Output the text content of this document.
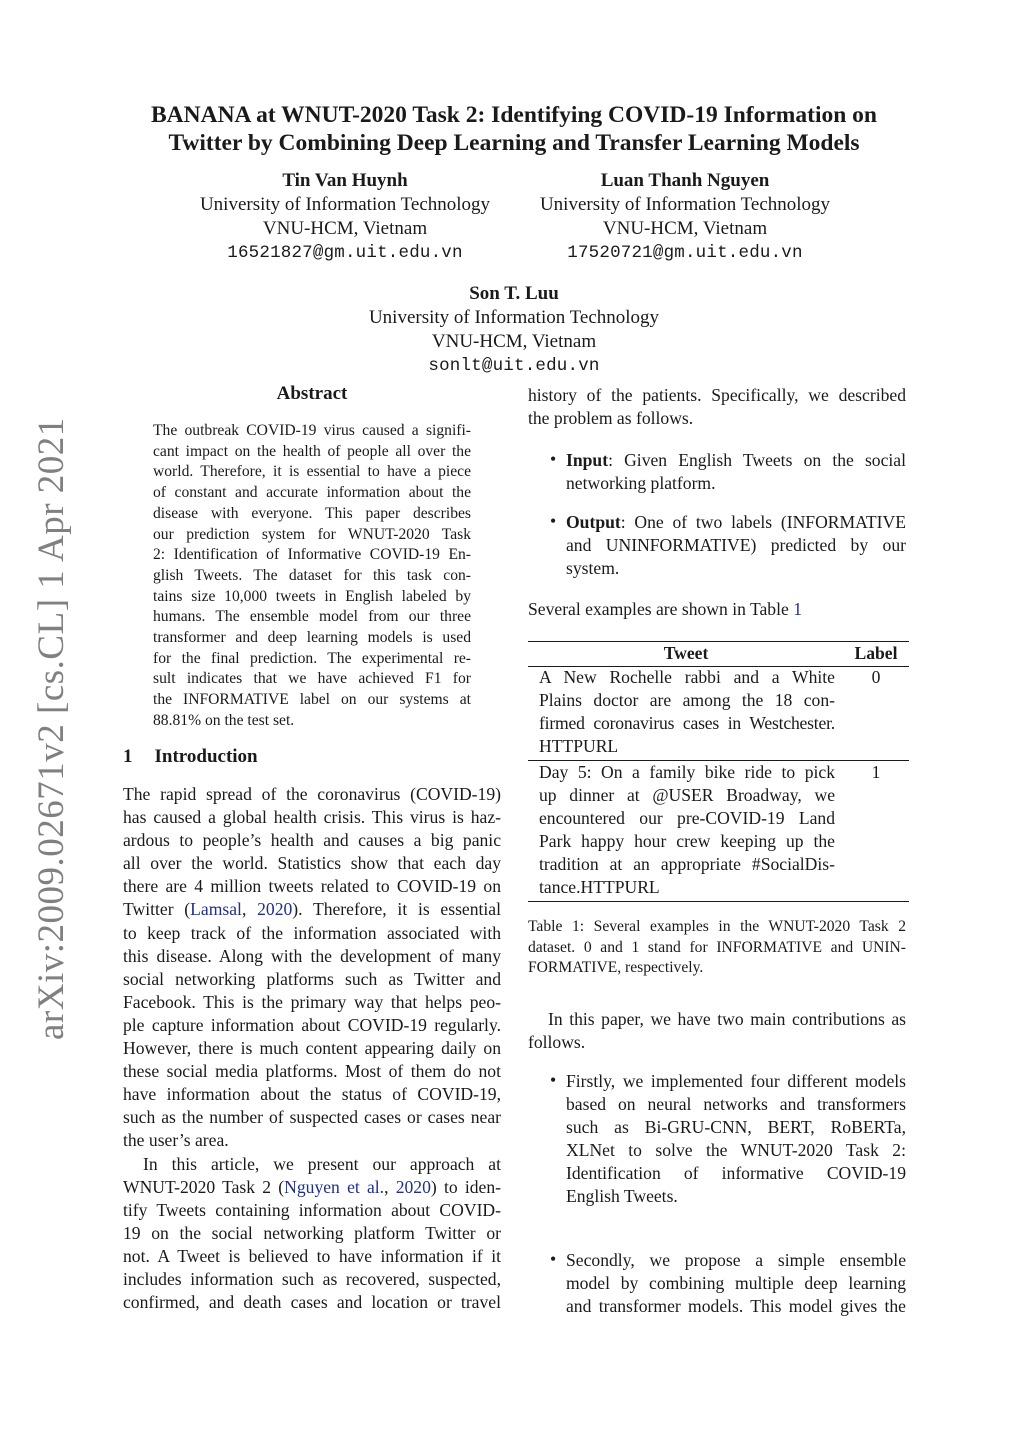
arXiv:2009.02671v2 [cs.CL] 1 Apr 2021
BANANA at WNUT-2020 Task 2: Identifying COVID-19 Information on
Twitter by Combining Deep Learning and Transfer Learning Models
Tin Van Huynh
University of Information Technology
VNU-HCM, Vietnam
16521827@gm.uit.edu.vn
Luan Thanh Nguyen
University of Information Technology
VNU-HCM, Vietnam
17520721@gm.uit.edu.vn
Son T. Luu
University of Information Technology
VNU-HCM, Vietnam
sonlt@uit.edu.vn
Abstract
The outbreak COVID-19 virus caused a signifi-
cant impact on the health of people all over the
world. Therefore, it is essential to have a piece
of constant and accurate information about the
disease with everyone. This paper describes
our prediction system for WNUT-2020 Task
2: Identification of Informative COVID-19 En-
glish Tweets. The dataset for this task con-
tains size 10,000 tweets in English labeled by
humans. The ensemble model from our three
transformer and deep learning models is used
for the final prediction. The experimental re-
sult indicates that we have achieved F1 for
the INFORMATIVE label on our systems at
88.81% on the test set.
1 Introduction
The rapid spread of the coronavirus (COVID-19)
has caused a global health crisis. This virus is haz-
ardous to people’s health and causes a big panic
all over the world. Statistics show that each day
there are 4 million tweets related to COVID-19 on
Twitter (Lamsal, 2020). Therefore, it is essential
to keep track of the information associated with
this disease. Along with the development of many
social networking platforms such as Twitter and
Facebook. This is the primary way that helps peo-
ple capture information about COVID-19 regularly.
However, there is much content appearing daily on
these social media platforms. Most of them do not
have information about the status of COVID-19,
such as the number of suspected cases or cases near
the user’s area.
In this article, we present our approach at
WNUT-2020 Task 2 (Nguyen et al., 2020) to iden-
tify Tweets containing information about COVID-
19 on the social networking platform Twitter or
not. A Tweet is believed to have information if it
includes information such as recovered, suspected,
confirmed, and death cases and location or travel
history of the patients. Specifically, we described
the problem as follows.
• Input: Given English Tweets on the social
networking platform.
• Output: One of two labels (INFORMATIVE
and UNINFORMATIVE) predicted by our
system.
Several examples are shown in Table 1
Tweet	Label
A New Rochelle rabbi and a White
Plains doctor are among the 18 con-
firmed coronavirus cases in Westchester.
HTTPURL
0
Day 5: On a family bike ride to pick
up dinner at @USER Broadway, we
encountered our pre-COVID-19 Land
Park happy hour crew keeping up the
tradition at an appropriate #SocialDis-
tance.HTTPURL
1
Table 1: Several examples in the WNUT-2020 Task 2
dataset. 0 and 1 stand for INFORMATIVE and UNIN-
FORMATIVE, respectively.
In this paper, we have two main contributions as
follows.
• Firstly, we implemented four different models
based on neural networks and transformers
such as Bi-GRU-CNN, BERT, RoBERTa,
XLNet to solve the WNUT-2020 Task 2:
Identification of informative COVID-19
English Tweets.
• Secondly, we propose a simple ensemble
model by combining multiple deep learning
and transformer models. This model gives the
